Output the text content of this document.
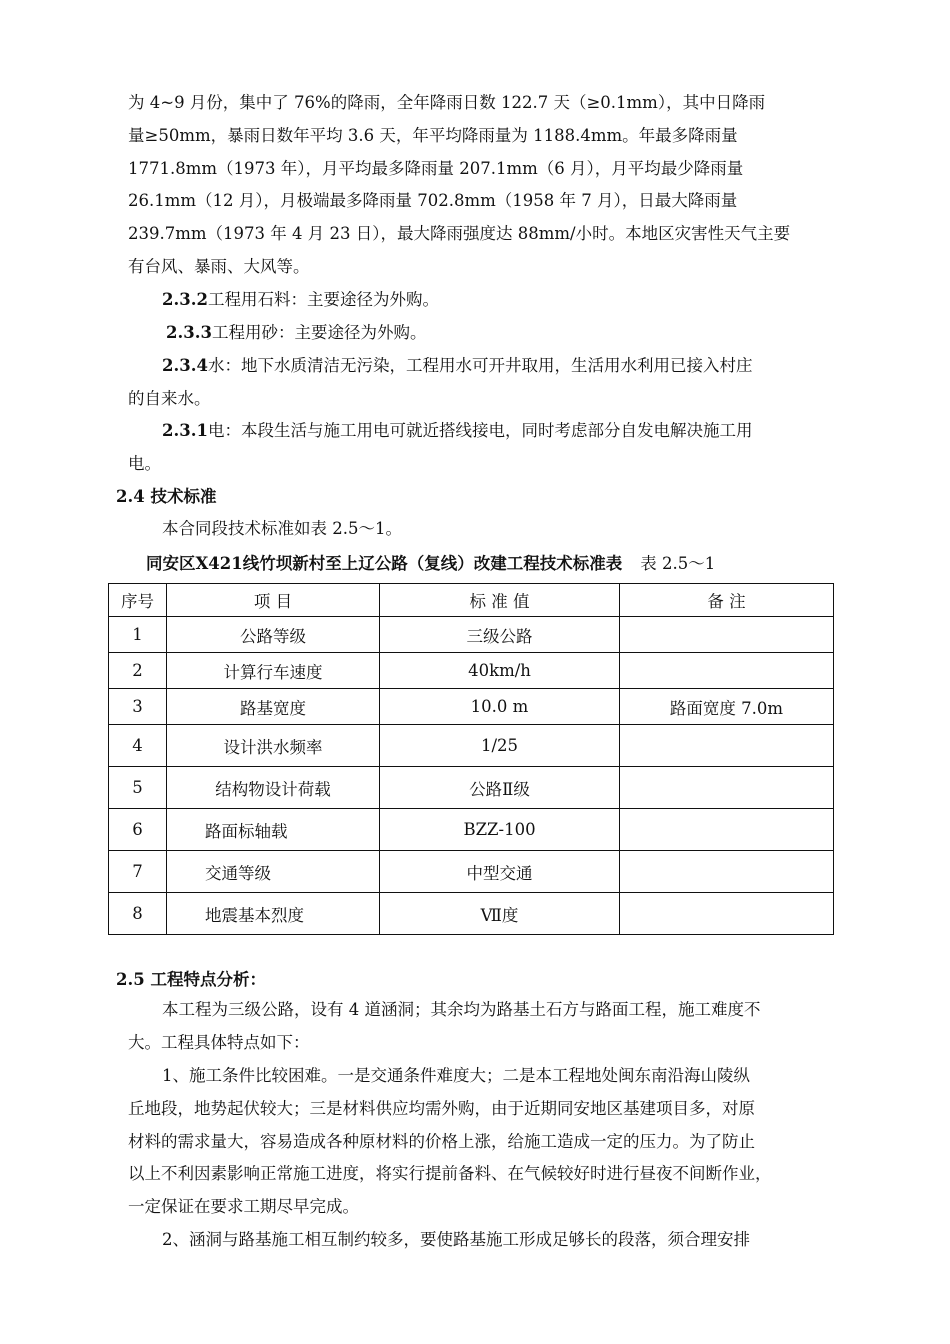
为 4~9 月份，集中了 76%的降雨，全年降雨日数 122.7 天（≥0.1mm），其中日降雨
量≥50mm，暴雨日数年平均 3.6 天，年平均降雨量为 1188.4mm。年最多降雨量
1771.8mm（1973 年），月平均最多降雨量 207.1mm（6 月），月平均最少降雨量
26.1mm（12 月），月极端最多降雨量 702.8mm（1958 年 7 月），日最大降雨量
239.7mm（1973 年 4 月 23 日），最大降雨强度达 88mm/小时。本地区灾害性天气主要
有台风、暴雨、大风等。
2.3.2工程用石料：主要途径为外购。
2.3.3工程用砂：主要途径为外购。
2.3.4水：地下水质清洁无污染，工程用水可开井取用，生活用水利用已接入村庄
的自来水。
2.3.1电：本段生活与施工用电可就近搭线接电，同时考虑部分自发电解决施工用
电。
2.4 技术标准
本合同段技术标准如表 2.5～1。
同安区X421线竹坝新村至上辽公路（复线）改建工程技术标准表 表 2.5～1
序号	项 目	标 准 值	备 注
1	公路等级	三级公路	
2	计算行车速度	40km/h	
3	路基宽度	10.0 m	路面宽度 7.0m
4	设计洪水频率	1/25	
5	结构物设计荷载	公路Ⅱ级	
6	路面标轴载	BZZ-100	
7	交通等级	中型交通	
8	地震基本烈度	Ⅶ度	
2.5 工程特点分析：
本工程为三级公路，设有 4 道涵洞；其余均为路基土石方与路面工程，施工难度不
大。工程具体特点如下：
1、施工条件比较困难。一是交通条件难度大；二是本工程地处闽东南沿海山陵纵
丘地段，地势起伏较大；三是材料供应均需外购，由于近期同安地区基建项目多，对原
材料的需求量大，容易造成各种原材料的价格上涨，给施工造成一定的压力。为了防止
以上不利因素影响正常施工进度，将实行提前备料、在气候较好时进行昼夜不间断作业，
一定保证在要求工期尽早完成。
2、涵洞与路基施工相互制约较多，要使路基施工形成足够长的段落，须合理安排
